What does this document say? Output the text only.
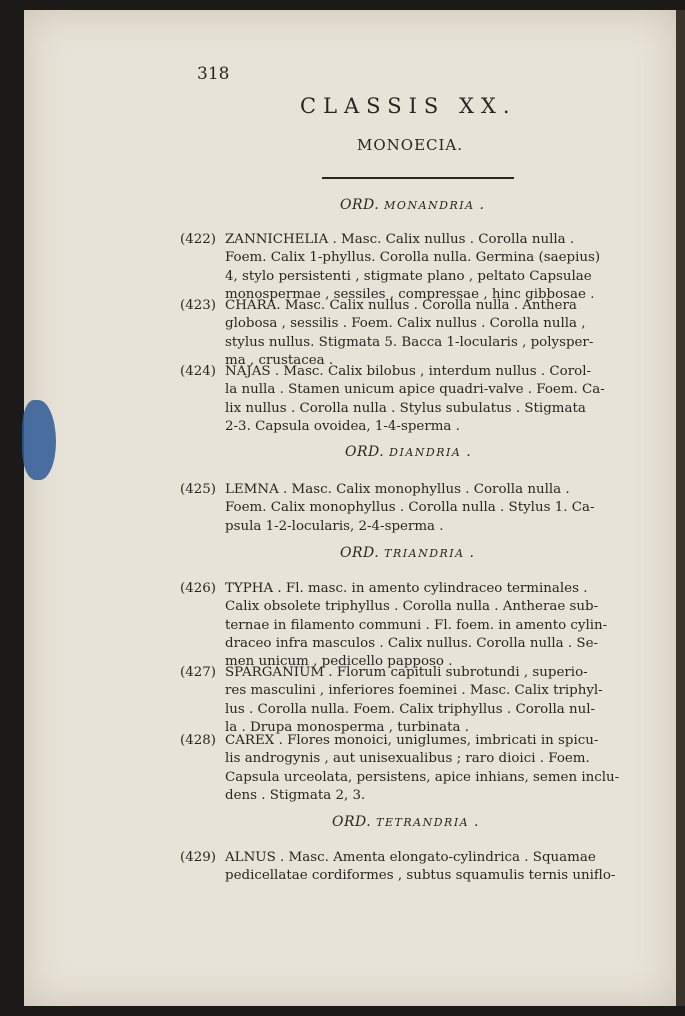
318
CLASSIS XX.
MONOECIA.
ORD. MONANDRIA .
(422) ZANNICHELIA . Masc. Calix nullus . Corolla nulla .
Foem. Calix 1-phyllus. Corolla nulla. Germina (saepius)
4, stylo persistenti , stigmate plano , peltato Capsulae
monospermae , sessiles , compressae , hinc gibbosae .
(423) CHARA. Masc. Calix nullus . Corolla nulla . Anthera
globosa , sessilis . Foem. Calix nullus . Corolla nulla ,
stylus nullus. Stigmata 5. Bacca 1-locularis , polysper-
ma , crustacea .
(424) NAJAS . Masc. Calix bilobus , interdum nullus . Corol-
la nulla . Stamen unicum apice quadri-valve . Foem. Ca-
lix nullus . Corolla nulla . Stylus subulatus . Stigmata
2-3. Capsula ovoidea, 1-4-sperma .
ORD. DIANDRIA .
(425) LEMNA . Masc. Calix monophyllus . Corolla nulla .
Foem. Calix monophyllus . Corolla nulla . Stylus 1. Ca-
psula 1-2-locularis, 2-4-sperma .
ORD. TRIANDRIA .
(426) TYPHA . Fl. masc. in amento cylindraceo terminales .
Calix obsolete triphyllus . Corolla nulla . Antherae sub-
ternae in filamento communi . Fl. foem. in amento cylin-
draceo infra masculos . Calix nullus. Corolla nulla . Se-
men unicum , pedicello papposo .
(427) SPARGANIUM . Florum capituli subrotundi , superio-
res masculini , inferiores foeminei . Masc. Calix triphyl-
lus . Corolla nulla. Foem. Calix triphyllus . Corolla nul-
la . Drupa monosperma , turbinata .
(428) CAREX . Flores monoici, uniglumes, imbricati in spicu-
lis androgynis , aut unisexualibus ; raro dioici . Foem.
Capsula urceolata, persistens, apice inhians, semen inclu-
dens . Stigmata 2, 3.
ORD. TETRANDRIA .
(429) ALNUS . Masc. Amenta elongato-cylindrica . Squamae
pedicellatae cordiformes , subtus squamulis ternis uniflo-
